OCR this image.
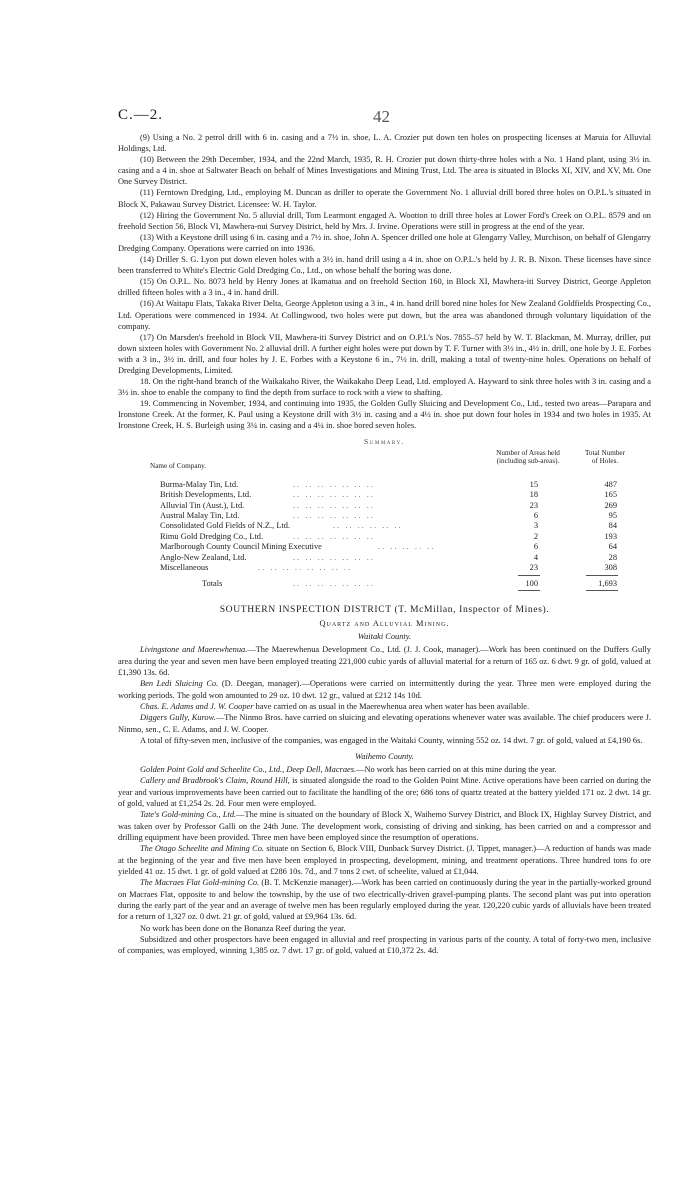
C.—2.	42

(9) Using a No. 2 petrol drill with 6 in. casing and a 7½ in. shoe, L. A. Crozier put down ten holes on prospecting licenses at Maruia for Alluvial Holdings, Ltd.

(10) Between the 29th December, 1934, and the 22nd March, 1935, R. H. Crozier put down thirty-three holes with a No. 1 Hand plant, using 3½ in. casing and a 4 in. shoe at Saltwater Beach on behalf of Mines Investigations and Mining Trust, Ltd. The area is situated in Blocks XI, XIV, and XV, Mt. One One Survey District.

(11) Ferntown Dredging, Ltd., employing M. Duncan as driller to operate the Government No. 1 alluvial drill bored three holes on O.P.L.'s situated in Block X, Pakawau Survey District. Licensee: W. H. Taylor.

(12) Hiring the Government No. 5 alluvial drill, Tom Learmont engaged A. Wootton to drill three holes at Lower Ford's Creek on O.P.L. 8579 and on freehold Section 56, Block VI, Mawhera-nui Survey District, held by Mrs. J. Irvine. Operations were still in progress at the end of the year.

(13) With a Keystone drill using 6 in. casing and a 7½ in. shoe, John A. Spencer drilled one hole at Glengarry Valley, Murchison, on behalf of Glengarry Dredging Company. Operations were carried on into 1936.

(14) Driller S. G. Lyon put down eleven holes with a 3½ in. hand drill using a 4 in. shoe on O.P.L.'s held by J. R. B. Nixon. These licenses have since been transferred to White's Electric Gold Dredging Co., Ltd., on whose behalf the boring was done.

(15) On O.P.L. No. 8073 held by Henry Jones at Ikamatua and on freehold Section 160, in Block XI, Mawhera-iti Survey District, George Appleton drilled fifteen holes with a 3 in., 4 in. hand drill.

(16) At Waitapu Flats, Takaka River Delta, George Appleton using a 3 in., 4 in. hand drill bored nine holes for New Zealand Goldfields Prospecting Co., Ltd. Operations were commenced in 1934. At Collingwood, two holes were put down, but the area was abandoned through voluntary liquidation of the company.

(17) On Marsden's freehold in Block VII, Mawhera-iti Survey District and on O.P.L's Nos. 7855–57 held by W. T. Blackman, M. Murray, driller, put down sixteen holes with Government No. 2 alluvial drill. A further eight holes were put down by T. F. Turner with 3½ in., 4½ in. drill, one hole by J. E. Forbes with a 3 in., 3½ in. drill, and four holes by J. E. Forbes with a Keystone 6 in., 7½ in. drill, making a total of twenty-nine holes. Operations on behalf of Dredging Developments, Limited.

18. On the right-hand branch of the Waikakaho River, the Waikakaho Deep Lead, Ltd. employed A. Hayward to sink three holes with 3 in. casing and a 3½ in. shoe to enable the company to find the depth from surface to rock with a view to shafting.

19. Commencing in November, 1934, and continuing into 1935, the Golden Gully Sluicing and Development Co., Ltd., tested two areas—Parapara and Ironstone Creek. At the former, K. Paul using a Keystone drill with 3½ in. casing and a 4½ in. shoe put down four holes in 1934 and two holes in 1935. At Ironstone Creek, H. S. Burleigh using 3¼ in. casing and a 4¼ in. shoe bored seven holes.

Summary.
Name of Company.
Number of Areas held (including sub-areas).
Total Number of Holes.
Burma-Malay Tin, Ltd.	.. .. .. .. .. .. ..	15	487
British Developments, Ltd.	.. .. .. .. .. .. ..	18	165
Alluvial Tin (Aust.), Ltd.	.. .. .. .. .. .. ..	23	269
Austral Malay Tin, Ltd.	.. .. .. .. .. .. ..	6	95
Consolidated Gold Fields of N.Z., Ltd.	.. .. .. .. .. ..	3	84
Rimu Gold Dredging Co., Ltd.	.. .. .. .. .. .. ..	2	193
Marlborough County Council Mining Executive	.. .. .. .. ..	6	64
Anglo-New Zealand, Ltd.	.. .. .. .. .. .. ..	4	28
Miscellaneous	.. .. .. .. .. .. .. ..	23	308
Totals	.. .. .. .. .. .. ..	100	1,693
SOUTHERN INSPECTION DISTRICT (T. McMillan, Inspector of Mines).
Quartz and Alluvial Mining.
Waitaki County.

Livingstone and Maerewhenua.—The Maerewhenua Development Co., Ltd. (J. J. Cook, manager).—Work has been continued on the Duffers Gully area during the year and seven men have been employed treating 221,000 cubic yards of alluvial material for a return of 165 oz. 6 dwt. 9 gr. of gold, valued at £1,390 13s. 6d.

Ben Ledi Sluicing Co. (D. Deegan, manager).—Operations were carried on intermittently during the year. Three men were employed during the working periods. The gold won amounted to 29 oz. 10 dwt. 12 gr., valued at £212 14s 10d.

Chas. E. Adams and J. W. Cooper have carried on as usual in the Maerewhenua area when water has been available.

Diggers Gully, Kurow.—The Ninmo Bros. have carried on sluicing and elevating operations whenever water was available. The chief producers were J. Ninmo, sen., C. E. Adams, and J. W. Cooper.

A total of fifty-seven men, inclusive of the companies, was engaged in the Waitaki County, winning 552 oz. 14 dwt. 7 gr. of gold, valued at £4,190 6s.

Waihemo County.

Golden Point Gold and Scheelite Co., Ltd., Deep Dell, Macraes.—No work has been carried on at this mine during the year.

Callery and Bradbrook's Claim, Round Hill, is situated alongside the road to the Golden Point Mine. Active operations have been carried on during the year and various improvements have been carried out to facilitate the handling of the ore; 686 tons of quartz treated at the battery yielded 171 oz. 2 dwt. 14 gr. of gold, valued at £1,254 2s. 2d. Four men were employed.

Tate's Gold-mining Co., Ltd.—The mine is situated on the boundary of Block X, Waihemo Survey District, and Block IX, Highlay Survey District, and was taken over by Professor Galli on the 24th June. The development work, consisting of driving and sinking, has been carried on and a compressor and drilling equipment have been provided. Three men have been employed since the resumption of operations.

The Otago Scheelite and Mining Co. situate on Section 6, Block VIII, Dunback Survey District. (J. Tippet, manager.)—A reduction of hands was made at the beginning of the year and five men have been employed in prospecting, development, mining, and treatment operations. Three hundred tons fo ore yielded 41 oz. 15 dwt. 1 gr. of gold valued at £286 10s. 7d., and 7 tons 2 cwt. of scheelite, valued at £1,044.

The Macraes Flat Gold-mining Co. (B. T. McKenzie manager).—Work has been carried on continuously during the year in the partially-worked ground on Macraes Flat, opposite to and below the township, by the use of two electrically-driven gravel-pumping plants. The second plant was put into operation during the early part of the year and an average of twelve men has been regularly employed during the year. 120,220 cubic yards of alluvials have been treated for a return of 1,327 oz. 0 dwt. 21 gr. of gold, valued at £9,964 13s. 6d.

No work has been done on the Bonanza Reef during the year.

Subsidized and other prospectors have been engaged in alluvial and reef prospecting in various parts of the county. A total of forty-two men, inclusive of companies, was employed, winning 1,385 oz. 7 dwt. 17 gr. of gold, valued at £10,372 2s. 4d.
